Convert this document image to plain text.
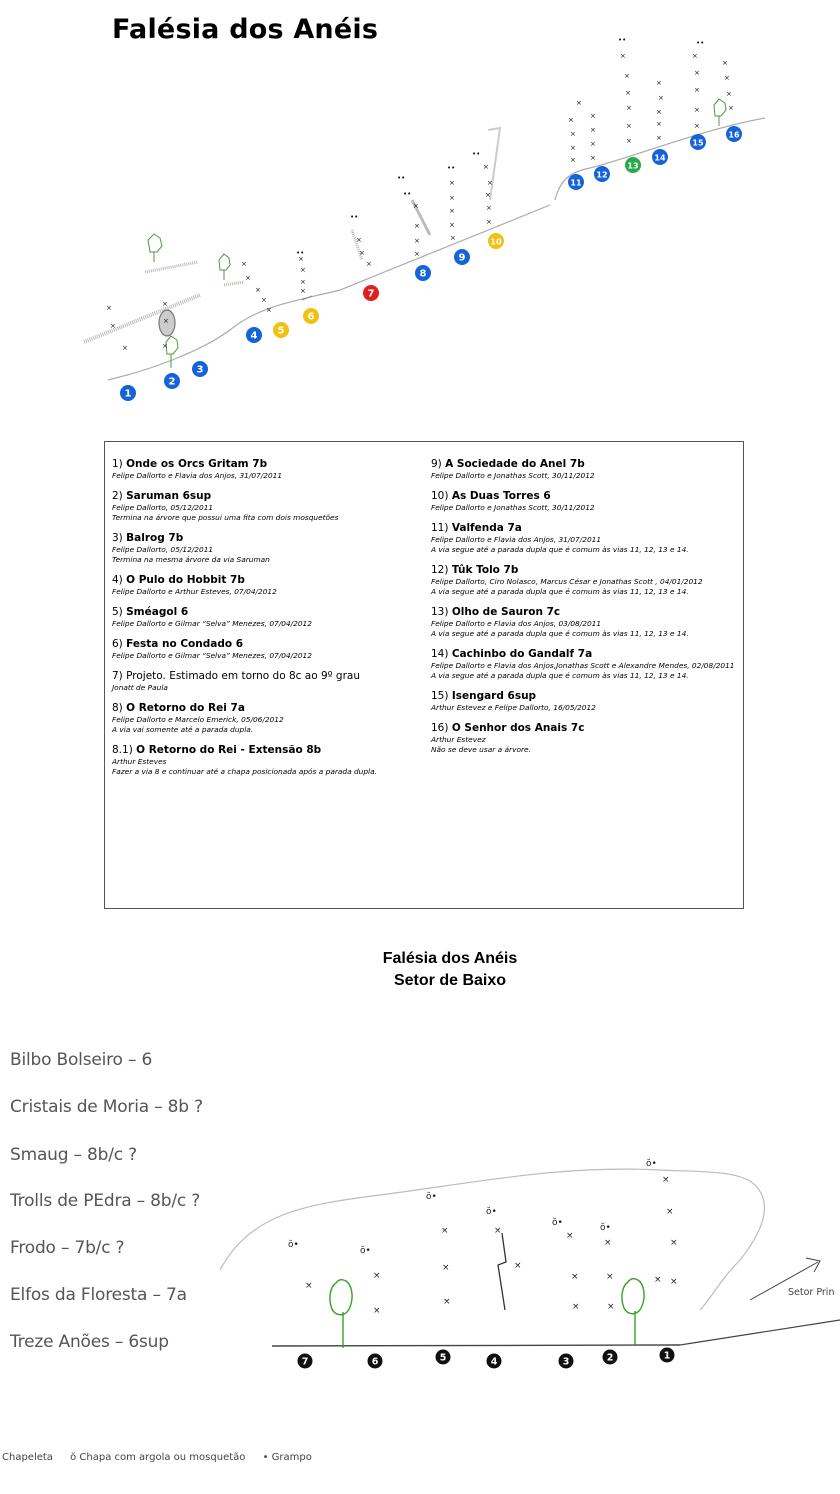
Falésia dos Anéis
×
×
×
×
×
×
×
×
×
×
×
×
×
×
×
×
×
×
×
×
×
×
×
×
×
×
×
×
×
×
×
×
×
×
×
×
×
×
×
×
×
×
×
×
×
×
×
×
×
×
×
×
×
×
×
×
×
×
×
×
×
••	••
••
••
••
••
••
••
1
2
3
4 5
6
7
8
9
10
11
12
13
14
15
16
1) Onde os Orcs Gritam 7b
Felipe Dallorto e Flavia dos Anjos, 31/07/2011
2) Saruman 6sup
Felipe Dallorto, 05/12/2011
Termina na árvore que possui uma fita com dois mosquetões
3) Balrog 7b
Felipe Dallorto, 05/12/2011
Termina na mesma árvore da via Saruman
4) O Pulo do Hobbit 7b
Felipe Dallorto e Arthur Esteves, 07/04/2012
5) Sméagol 6
Felipe Dallorto e Gilmar “Selva” Menezes, 07/04/2012
6) Festa no Condado 6
Felipe Dallorto e Gilmar “Selva” Menezes, 07/04/2012
7) Projeto. Estimado em torno do 8c ao 9º grau
Jonatt de Paula
8) O Retorno do Rei 7a
Felipe Dallorto e Marcelo Emerick, 05/06/2012
A via vai somente até a parada dupla.
8.1) O Retorno do Rei - Extensão 8b
Arthur Esteves
Fazer a via 8 e continuar até a chapa posicionada após a parada dupla.
9) A Sociedade do Anel 7b
Felipe Dallorto e Jonathas Scott, 30/11/2012
10) As Duas Torres 6
Felipe Dallorto e Jonathas Scott, 30/11/2012
11) Valfenda 7a
Felipe Dallorto e Flavia dos Anjos, 31/07/2011
A via segue até a parada dupla que é comum às vias 11, 12, 13 e 14.
12) Tûk Tolo 7b
Felipe Dallorto, Ciro Nolasco, Marcus César e Jonathas Scott , 04/01/2012
A via segue até a parada dupla que é comum às vias 11, 12, 13 e 14.
13) Olho de Sauron 7c
Felipe Dallorto e Flavia dos Anjos, 03/08/2011
A via segue até a parada dupla que é comum às vias 11, 12, 13 e 14.
14) Cachinbo do Gandalf 7a
Felipe Dallorto e Flavia dos Anjos,Jonathas Scott e Alexandre Mendes, 02/08/2011
A via segue até a parada dupla que é comum às vias 11, 12, 13 e 14.
15) Isengard 6sup
Arthur Estevez e Felipe Dallorto, 16/05/2012
16) O Senhor dos Anais 7c
Arthur Estevez
Não se deve usar a árvore.
Falésia dos Anéis
Setor de Baixo
Bilbo Bolseiro – 6
Cristais de Moria – 8b ?
Smaug – 8b/c ?
Trolls de PEdra – 8b/c ?
Frodo – 7b/c ?
Elfos da Floresta – 7a
Treze Anões – 6sup
Setor Prin
×
×
×
×
×
×
×
×
×
×
×
×
×
×
×
×
×
×
×
ŏ•
ŏ•
ŏ•
ŏ•
ŏ•	ŏ•
ŏ•
7	6	5	4	3	2	1
Chapeleta ŏ Chapa com argola ou mosquetão • Grampo
